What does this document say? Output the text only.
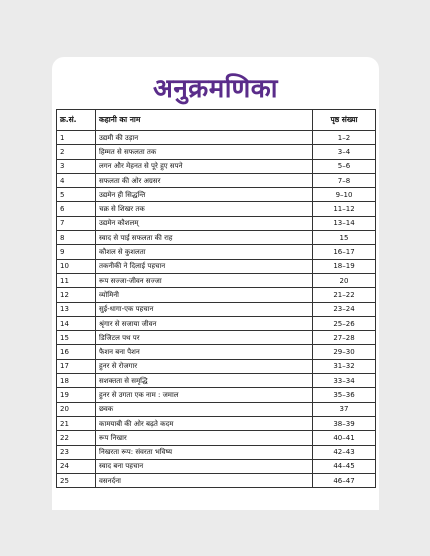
अनुक्रमणिका
क्र.सं.	कहानी का नाम	पृष्ठ संख्या
1	उद्यमी की उड़ान	1–2
2	हिम्मत से सफलता तक	3–4
3	लगन और मेहनत से पूरे हुए सपने	5–6
4	सफलता की ओर अग्रसर	7–8
5	उद्यमेन ही सिद्धन्ति	9–10
6	चक्र से शिखर तक	11–12
7	उद्यमेन कौशलम्	13–14
8	स्वाद से पाई सफलता की राह	15
9	कौशल से कुशलता	16–17
10	तकनीकी ने दिलाई पहचान	18–19
11	रूप सज्जा-जीवन सज्जा	20
12	व्योमिनी	21–22
13	सुई-धागा-एक पहचान	23–24
14	श्रृंगार से सजाया जीवन	25–26
15	डिजिटल पथ पर	27–28
16	फैशन बना पैशन	29–30
17	हुनर से रोजगार	31–32
18	सशक्तता से समृद्धि	33–34
19	हुनर से उगता एक नाम : जमाल	35–36
20	छवक	37
21	कामयाबी की ओर बढ़ते कदम	38–39
22	रूप निखार	40–41
23	निखरता रूप: संवरता भविष्य	42–43
24	स्वाद बना पहचान	44–45
25	वसनर्दना	46–47
